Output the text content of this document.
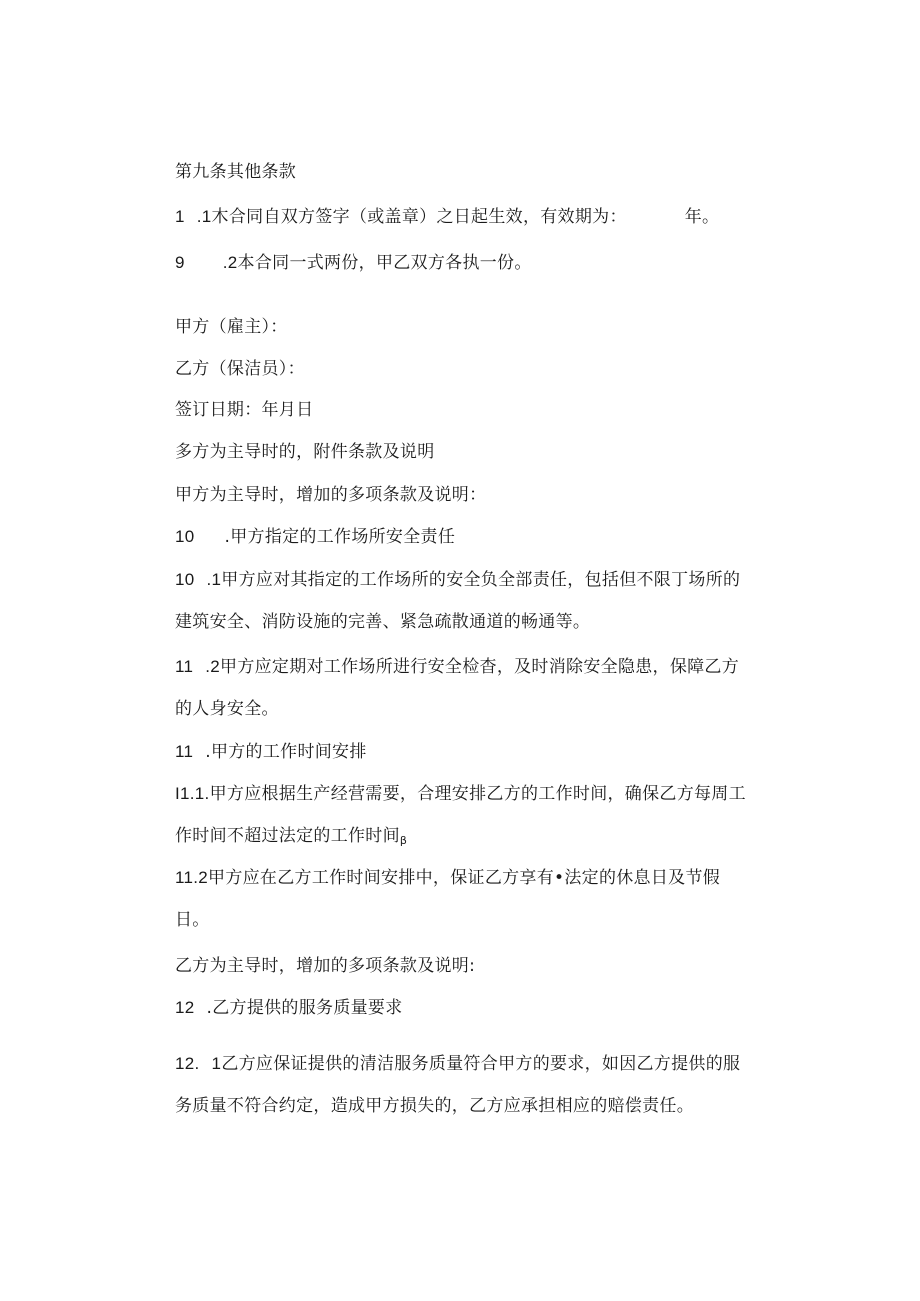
第九条其他条款
1 .1木合同自双方签字（或盖章）之日起生效，有效期为：	年。
9 .2本合同一式两份，甲乙双方各执一份。
甲方（雇主）：
乙方（保洁员）：
签订日期：年月日
多方为主导时的，附件条款及说明
甲方为主导时，增加的多项条款及说明：
10 .甲方指定的工作场所安全责任
10 .1甲方应对其指定的工作场所的安全负全部责任，包括但不限丁场所的
建筑安全、消防设施的完善、紧急疏散通道的畅通等。
11 .2甲方应定期对工作场所进行安全检杳，及时消除安全隐患，保障乙方
的人身安全。
11 .甲方的工作时间安排
I1.1.甲方应根据生产经营需要，合理安排乙方的工作时间，确保乙方每周工
作时间不超过法定的工作时间$_\beta$
11.2甲方应在乙方工作时间安排中，保证乙方享有•法定的休息日及节假
日。
乙方为主导时，增加的多项条款及说明:
12 .乙方提供的服务质量要求
12. 1乙方应保证提供的清洁服务质量符合甲方的要求，如因乙方提供的服
务质量不符合约定，造成甲方损失的，乙方应承担相应的赔偿责任。
